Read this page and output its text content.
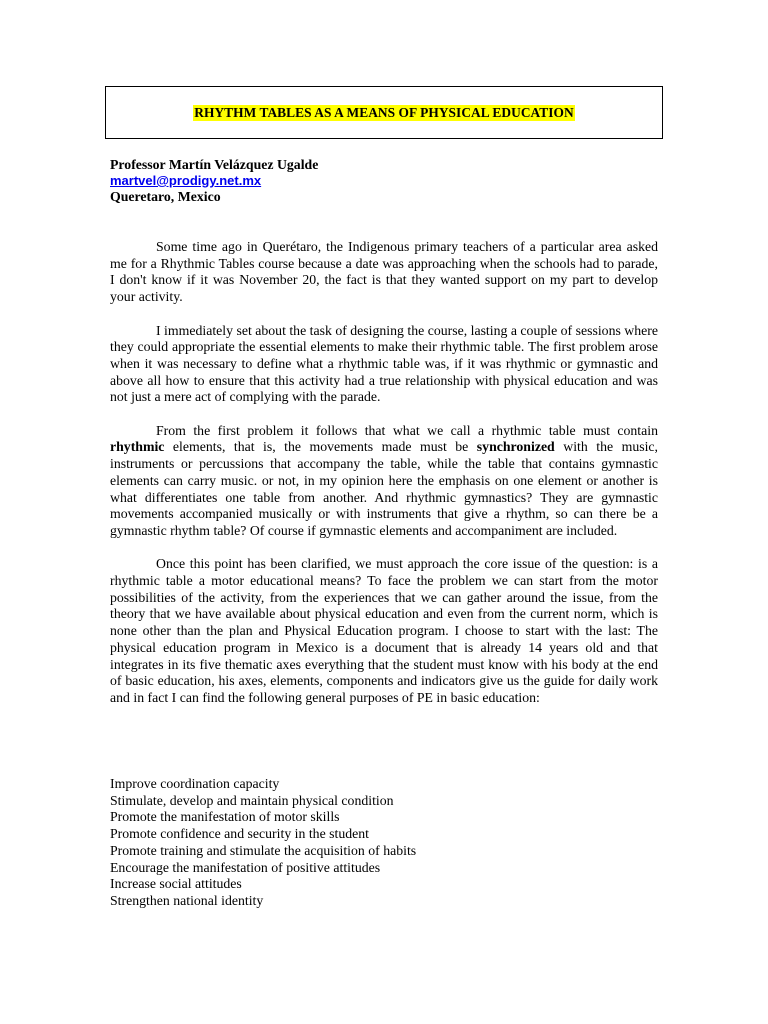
RHYTHM TABLES AS A MEANS OF PHYSICAL EDUCATION
Professor Martín Velázquez Ugalde
martvel@prodigy.net.mx
Queretaro, Mexico

Some time ago in Querétaro, the Indigenous primary teachers of a particular area asked me for a Rhythmic Tables course because a date was approaching when the schools had to parade, I don't know if it was November 20, the fact is that they wanted support on my part to develop your activity.

I immediately set about the task of designing the course, lasting a couple of sessions where they could appropriate the essential elements to make their rhythmic table. The first problem arose when it was necessary to define what a rhythmic table was, if it was rhythmic or gymnastic and above all how to ensure that this activity had a true relationship with physical education and was not just a mere act of complying with the parade.

From the first problem it follows that what we call a rhythmic table must contain rhythmic elements, that is, the movements made must be synchronized with the music, instruments or percussions that accompany the table, while the table that contains gymnastic elements can carry music. or not, in my opinion here the emphasis on one element or another is what differentiates one table from another. And rhythmic gymnastics? They are gymnastic movements accompanied musically or with instruments that give a rhythm, so can there be a gymnastic rhythm table? Of course if gymnastic elements and accompaniment are included.

Once this point has been clarified, we must approach the core issue of the question: is a rhythmic table a motor educational means? To face the problem we can start from the motor possibilities of the activity, from the experiences that we can gather around the issue, from the theory that we have available about physical education and even from the current norm, which is none other than the plan and Physical Education program. I choose to start with the last: The physical education program in Mexico is a document that is already 14 years old and that integrates in its five thematic axes everything that the student must know with his body at the end of basic education, his axes, elements, components and indicators give us the guide for daily work and in fact I can find the following general purposes of PE in basic education:

Improve coordination capacity
Stimulate, develop and maintain physical condition
Promote the manifestation of motor skills
Promote confidence and security in the student
Promote training and stimulate the acquisition of habits
Encourage the manifestation of positive attitudes
Increase social attitudes
Strengthen national identity
